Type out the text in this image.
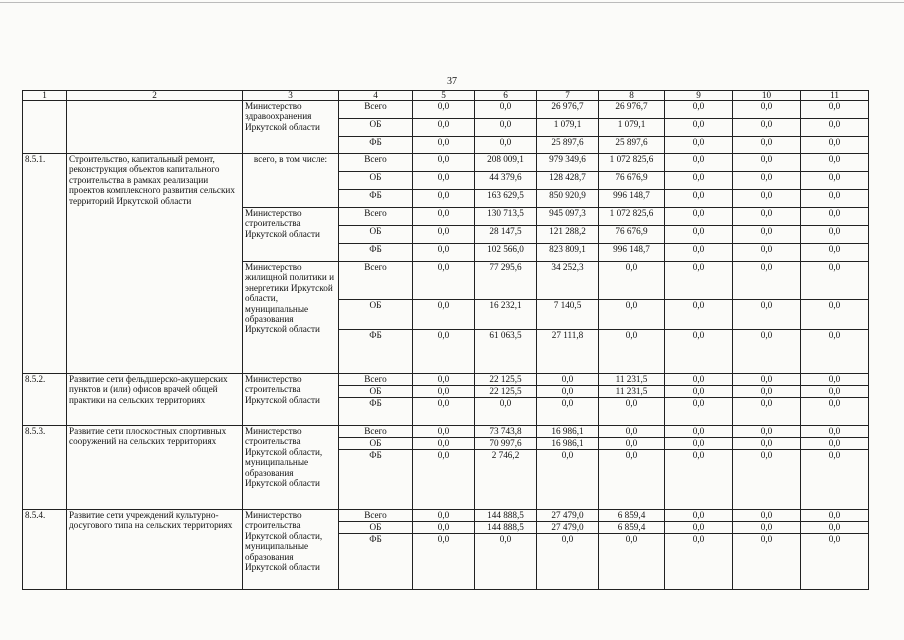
37
1	2	3	4	5	6	7	8	9	10	11
		Министерство здравоохранения Иркутской области	Всего	0,0	0,0	26 976,7	26 976,7	0,0	0,0	0,0
			ОБ	0,0	0,0	1 079,1	1 079,1	0,0	0,0	0,0
			ФБ	0,0	0,0	25 897,6	25 897,6	0,0	0,0	0,0
8.5.1.	Строительство, капитальный ремонт, реконструкция объектов капитального строительства в рамках реализации проектов комплексного развития сельских территорий Иркутской области	всего, в том числе:	Всего	0,0	208 009,1	979 349,6	1 072 825,6	0,0	0,0	0,0
			ОБ	0,0	44 379,6	128 428,7	76 676,9	0,0	0,0	0,0
			ФБ	0,0	163 629,5	850 920,9	996 148,7	0,0	0,0	0,0
		Министерство строительства Иркутской области	Всего	0,0	130 713,5	945 097,3	1 072 825,6	0,0	0,0	0,0
			ОБ	0,0	28 147,5	121 288,2	76 676,9	0,0	0,0	0,0
			ФБ	0,0	102 566,0	823 809,1	996 148,7	0,0	0,0	0,0
		Министерство жилищной политики и энергетики Иркутской области, муниципальные образования Иркутской области	Всего	0,0	77 295,6	34 252,3	0,0	0,0	0,0	0,0
			ОБ	0,0	16 232,1	7 140,5	0,0	0,0	0,0	0,0
			ФБ	0,0	61 063,5	27 111,8	0,0	0,0	0,0	0,0
8.5.2.	Развитие сети фельдшерско-акушерских пунктов и (или) офисов врачей общей практики на сельских территориях	Министерство строительства Иркутской области	Всего	0,0	22 125,5	0,0	11 231,5	0,0	0,0	0,0
			ОБ	0,0	22 125,5	0,0	11 231,5	0,0	0,0	0,0
			ФБ	0,0	0,0	0,0	0,0	0,0	0,0	0,0
8.5.3.	Развитие сети плоскостных спортивных сооружений на сельских территориях	Министерство строительства Иркутской области, муниципальные образования Иркутской области	Всего	0,0	73 743,8	16 986,1	0,0	0,0	0,0	0,0
			ОБ	0,0	70 997,6	16 986,1	0,0	0,0	0,0	0,0
			ФБ	0,0	2 746,2	0,0	0,0	0,0	0,0	0,0
8.5.4.	Развитие сети учреждений культурно-досугового типа на сельских территориях	Министерство строительства Иркутской области, муниципальные образования Иркутской области	Всего	0,0	144 888,5	27 479,0	6 859,4	0,0	0,0	0,0
			ОБ	0,0	144 888,5	27 479,0	6 859,4	0,0	0,0	0,0
			ФБ	0,0	0,0	0,0	0,0	0,0	0,0	0,0
